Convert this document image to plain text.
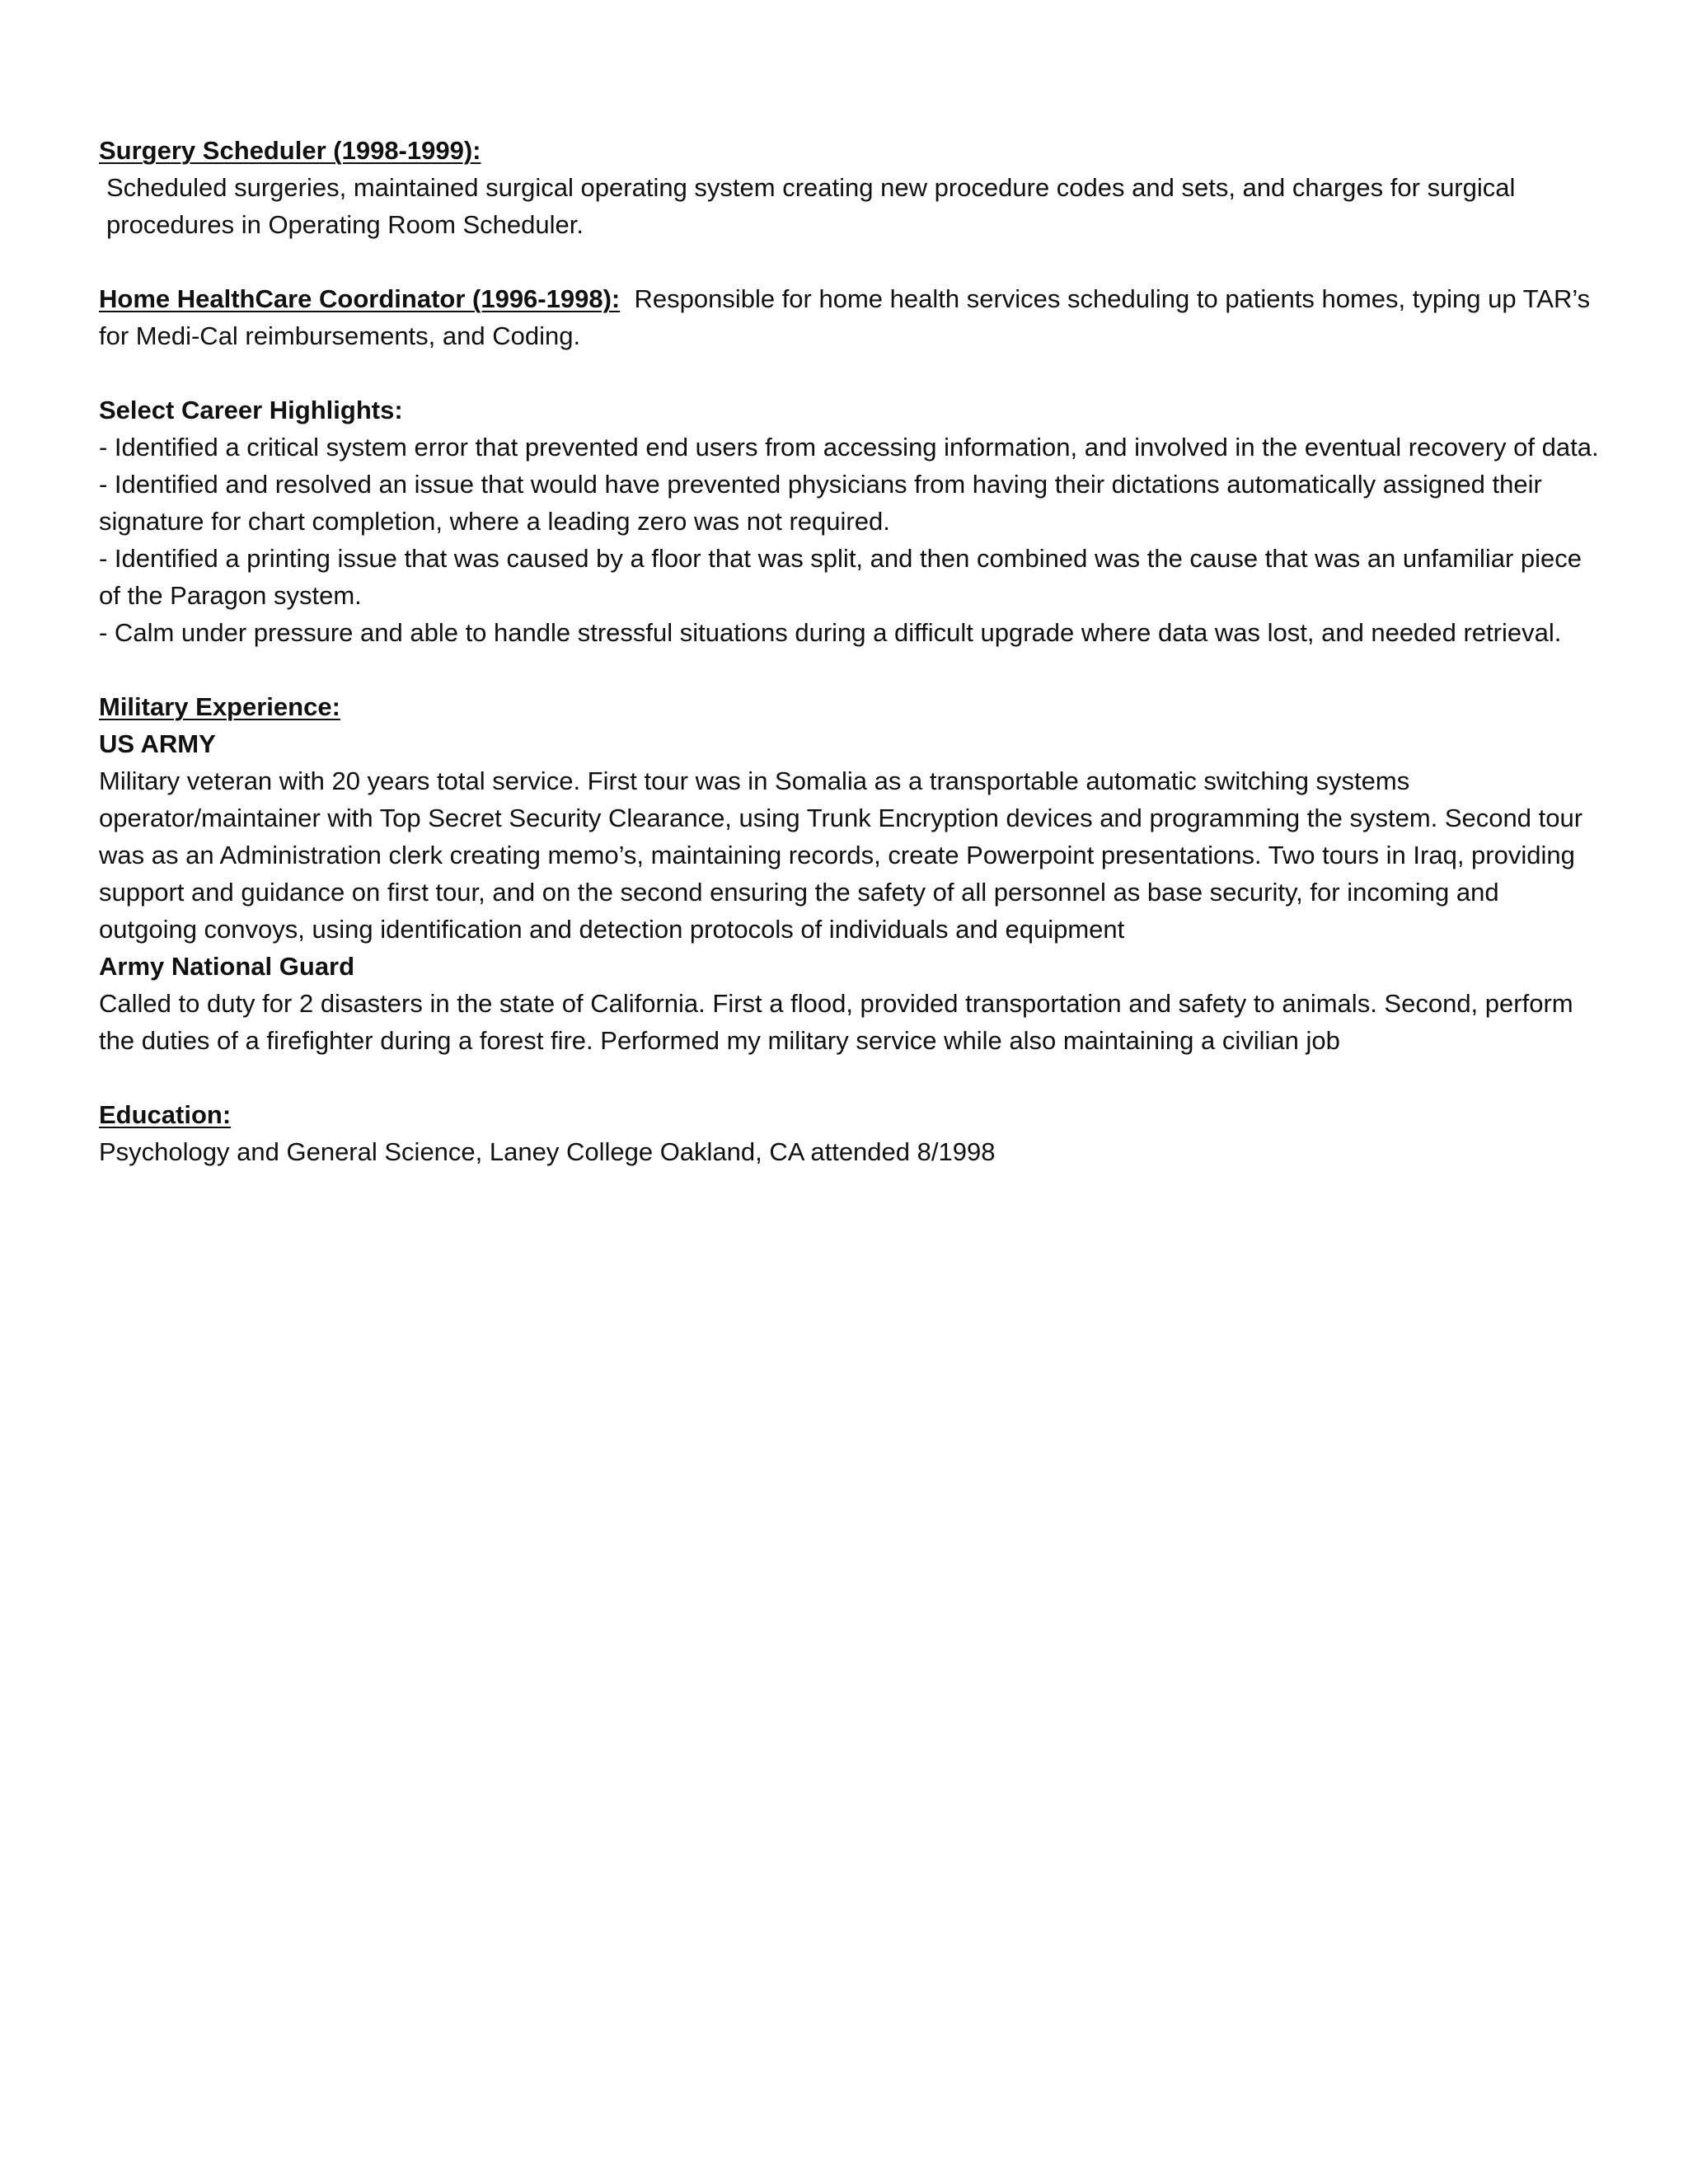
Surgery Scheduler (1998-1999):

Scheduled surgeries, maintained surgical operating system creating new procedure codes and sets, and charges for surgical procedures in Operating Room Scheduler.

Home HealthCare Coordinator (1996-1998): Responsible for home health services scheduling to patients homes, typing up TAR’s for Medi-Cal reimbursements, and Coding.

Select Career Highlights:

- Identified a critical system error that prevented end users from accessing information, and involved in the eventual recovery of data.

- Identified and resolved an issue that would have prevented physicians from having their dictations automatically assigned their signature for chart completion, where a leading zero was not required.

- Identified a printing issue that was caused by a floor that was split, and then combined was the cause that was an unfamiliar piece of the Paragon system.

- Calm under pressure and able to handle stressful situations during a difficult upgrade where data was lost, and needed retrieval.

Military Experience:

US ARMY

Military veteran with 20 years total service. First tour was in Somalia as a transportable automatic switching systems operator/maintainer with Top Secret Security Clearance, using Trunk Encryption devices and programming the system. Second tour was as an Administration clerk creating memo’s, maintaining records, create Powerpoint presentations. Two tours in Iraq, providing support and guidance on first tour, and on the second ensuring the safety of all personnel as base security, for incoming and outgoing convoys, using identification and detection protocols of individuals and equipment

Army National Guard

Called to duty for 2 disasters in the state of California. First a flood, provided transportation and safety to animals. Second, perform the duties of a firefighter during a forest fire. Performed my military service while also maintaining a civilian job

Education:

Psychology and General Science, Laney College Oakland, CA attended 8/1998
